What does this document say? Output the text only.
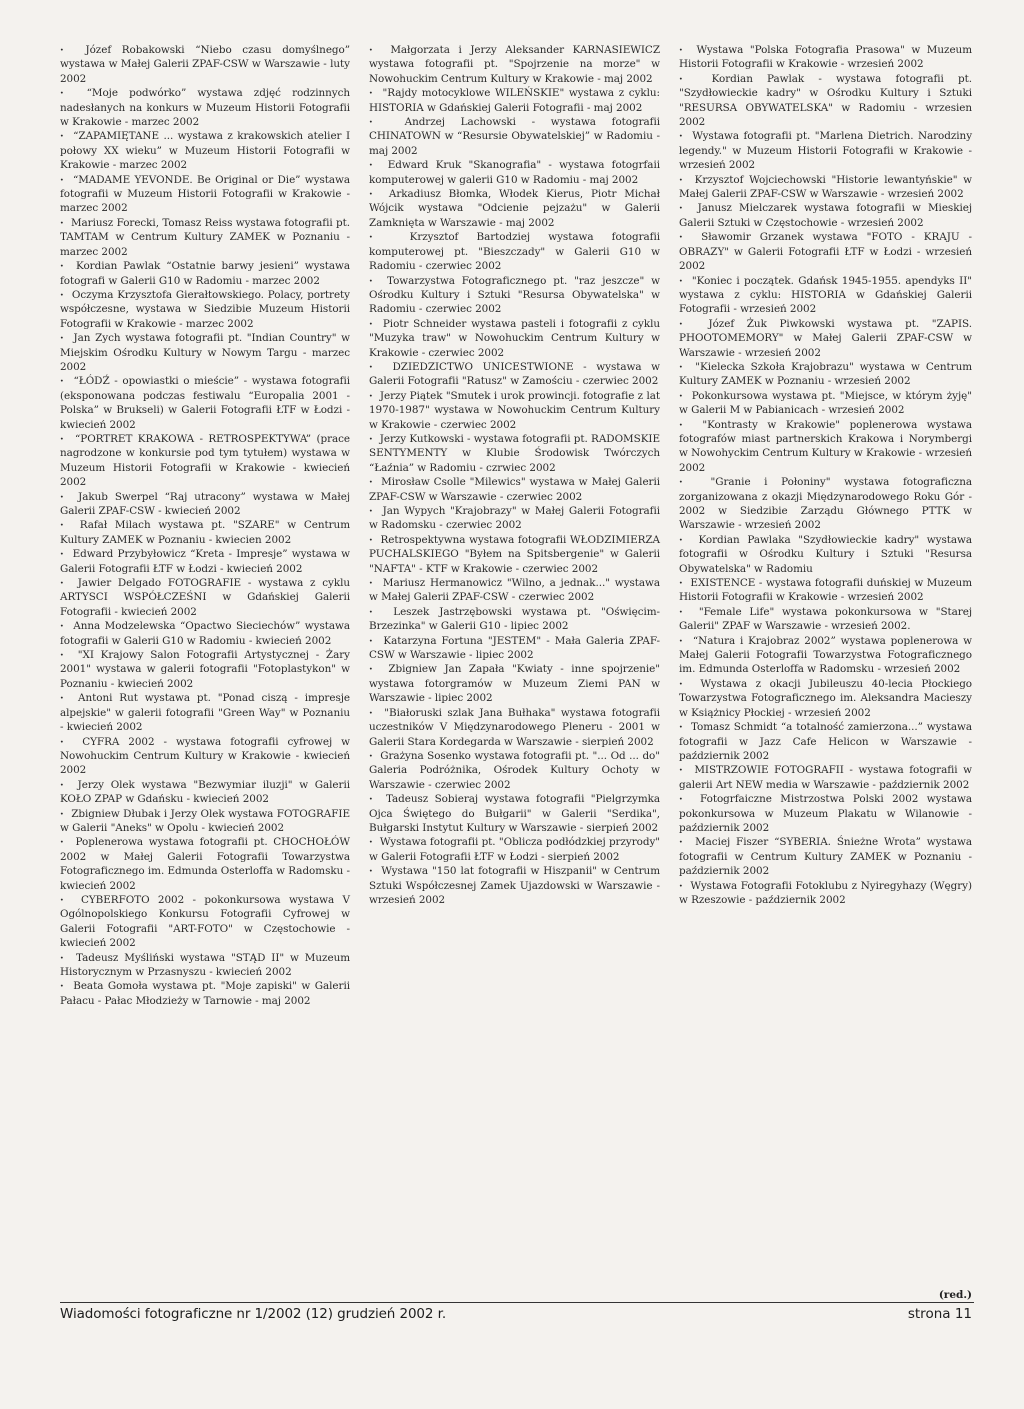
·  Józef Robakowski “Niebo czasu domyślnego” wystawa w Małej Galerii ZPAF-CSW w Warszawie - luty 2002

·  “Moje podwórko” wystawa zdjęć rodzinnych nadesłanych na konkurs w Muzeum Historii Fotografii w Krakowie - marzec 2002

·  “ZAPAMIĘTANE ... wystawa z krakowskich atelier I połowy XX wieku” w Muzeum Historii Fotografii w Krakowie - marzec 2002

·  “MADAME YEVONDE. Be Original or Die” wystawa fotografii w Muzeum Historii Fotografii w Krakowie - marzec 2002

·  Mariusz Forecki, Tomasz Reiss wystawa fotografii pt. TAMTAM w Centrum Kultury ZAMEK w Poznaniu - marzec 2002

·  Kordian Pawlak “Ostatnie barwy jesieni” wystawa fotografi w Galerii G10 w Radomiu - marzec 2002

·  Oczyma Krzysztofa Gierałtowskiego. Polacy, portrety współczesne, wystawa w Siedzibie Muzeum Historii Fotografii w Krakowie - marzec 2002

·  Jan Zych wystawa fotografii pt. "Indian Country" w Miejskim Ośrodku Kultury w Nowym Targu - marzec 2002

·  “ŁÓDŹ - opowiastki o mieście” - wystawa fotografii (eksponowana podczas festiwalu “Europalia 2001 - Polska” w Brukseli) w Galerii Fotografii ŁTF w Łodzi - kwiecień 2002

·  “PORTRET KRAKOWA - RETROSPEKTYWA” (prace nagrodzone w konkursie pod tym tytułem) wystawa w Muzeum Historii Fotografii w Krakowie - kwiecień 2002

·  Jakub Swerpel “Raj utracony” wystawa w Małej Galerii ZPAF-CSW - kwiecień 2002

·  Rafał Milach wystawa pt. "SZARE" w Centrum Kultury ZAMEK w Poznaniu - kwiecien 2002

·  Edward Przybyłowicz “Kreta - Impresje” wystawa w Galerii Fotografii ŁTF w Łodzi - kwiecień 2002

·  Jawier Delgado FOTOGRAFIE - wystawa z cyklu ARTYSCI WSPÓŁCZEŚNI w Gdańskiej Galerii Fotografii - kwiecień 2002

·  Anna Modzelewska “Opactwo Sieciechów” wystawa fotografii w Galerii G10 w Radomiu - kwiecień 2002

·  "XI Krajowy Salon Fotografii Artystycznej - Żary 2001" wystawa w galerii fotografii "Fotoplastykon" w Poznaniu - kwiecień 2002

·  Antoni Rut wystawa pt. "Ponad ciszą - impresje alpejskie" w galerii fotografii "Green Way" w Poznaniu - kwiecień 2002

·  CYFRA 2002 - wystawa fotografii cyfrowej w Nowohuckim Centrum Kultury w Krakowie - kwiecień 2002

·  Jerzy Olek wystawa "Bezwymiar iluzji" w Galerii KOŁO ZPAP w Gdańsku - kwiecień 2002

·  Zbigniew Dłubak i Jerzy Olek wystawa FOTOGRAFIE w Galerii "Aneks" w Opolu - kwiecień 2002

·  Poplenerowa wystawa fotografii pt. CHOCHOŁÓW 2002 w Małej Galerii Fotografii Towarzystwa Fotograficznego im. Edmunda Osterloffa w Radomsku - kwiecień 2002

·  CYBERFOTO 2002 - pokonkursowa wystawa V Ogólnopolskiego Konkursu Fotografii Cyfrowej w Galerii Fotografii "ART-FOTO" w Częstochowie - kwiecień 2002

·  Tadeusz Myśliński wystawa "STĄD II" w Muzeum Historycznym w Przasnyszu - kwiecień 2002

·  Beata Gomoła wystawa pt. "Moje zapiski" w Galerii Pałacu - Pałac Młodzieży w Tarnowie - maj 2002

·  Małgorzata i Jerzy Aleksander KARNASIEWICZ wystawa fotografii pt. "Spojrzenie na morze" w Nowohuckim Centrum Kultury w Krakowie - maj 2002

·  "Rajdy motocyklowe WILEŃSKIE" wystawa z cyklu: HISTORIA w Gdańskiej Galerii Fotografii - maj 2002

·  Andrzej Lachowski - wystawa fotografii CHINATOWN w “Resursie Obywatelskiej” w Radomiu - maj 2002

·  Edward Kruk "Skanografia" - wystawa fotogrfaii komputerowej w galerii G10 w Radomiu - maj 2002

·  Arkadiusz Błomka, Włodek Kierus, Piotr Michał Wójcik wystawa "Odcienie pejzażu" w Galerii Zamknięta w Warszawie - maj 2002

·  Krzysztof Bartodziej wystawa fotografii komputerowej pt. "Bieszczady" w Galerii G10 w Radomiu - czerwiec 2002

·  Towarzystwa Fotograficznego pt. "raz jeszcze" w Ośrodku Kultury i Sztuki "Resursa Obywatelska" w Radomiu - czerwiec 2002

·  Piotr Schneider wystawa pasteli i fotografii z cyklu "Muzyka traw" w Nowohuckim Centrum Kultury w Krakowie - czerwiec 2002

·  DZIEDZICTWO UNICESTWIONE - wystawa w Galerii Fotografii "Ratusz" w Zamościu - czerwiec 2002

·  Jerzy Piątek "Smutek i urok prowincji. fotografie z lat 1970-1987" wystawa w Nowohuckim Centrum Kultury w Krakowie - czerwiec 2002

·  Jerzy Kutkowski - wystawa fotografii pt. RADOMSKIE SENTYMENTY w Klubie Środowisk Twórczych “Łaźnia” w Radomiu - czrwiec 2002

·  Mirosław Csolle "Milewics" wystawa w Małej Galerii ZPAF-CSW w Warszawie - czerwiec 2002

·  Jan Wypych "Krajobrazy" w Małej Galerii Fotografii w Radomsku - czerwiec 2002

·  Retrospektywna wystawa fotografii WŁODZIMIERZA PUCHALSKIEGO "Byłem na Spitsbergenie" w Galerii "NAFTA" - KTF w Krakowie - czerwiec 2002

·  Mariusz Hermanowicz "Wilno, a jednak..." wystawa w Małej Galerii ZPAF-CSW - czerwiec 2002

·  Leszek Jastrzębowski wystawa pt. "Oświęcim-Brzezinka" w Galerii G10 - lipiec 2002

·  Katarzyna Fortuna "JESTEM" - Mała Galeria ZPAF-CSW w Warszawie - lipiec 2002

·  Zbigniew Jan Zapała "Kwiaty - inne spojrzenie" wystawa fotorgramów w Muzeum Ziemi PAN w Warszawie - lipiec 2002

·  "Białoruski szlak Jana Bułhaka" wystawa fotografii uczestników V Międzynarodowego Pleneru - 2001 w Galerii Stara Kordegarda w Warszawie - sierpień 2002

·  Grażyna Sosenko wystawa fotografii pt. "... Od ... do" Galeria Podróżnika, Ośrodek Kultury Ochoty w Warszawie - czerwiec 2002

·  Tadeusz Sobieraj wystawa fotografii "Pielgrzymka Ojca Świętego do Bułgarii" w Galerii "Serdika", Bułgarski Instytut Kultury w Warszawie - sierpień 2002

·  Wystawa fotografii pt. "Oblicza podłódzkiej przyrody" w Galerii Fotografii ŁTF w Łodzi - sierpień 2002

·  Wystawa "150 lat fotografii w Hiszpanii" w Centrum Sztuki Współczesnej Zamek Ujazdowski w Warszawie - wrzesień 2002

·  Wystawa "Polska Fotografia Prasowa" w Muzeum Historii Fotografii w Krakowie - wrzesień 2002

·  Kordian Pawlak - wystawa fotografii pt. "Szydłowieckie kadry" w Ośrodku Kultury i Sztuki "RESURSA OBYWATELSKA" w Radomiu - wrzesien 2002

·  Wystawa fotografii pt. "Marlena Dietrich. Narodziny legendy." w Muzeum Historii Fotografii w Krakowie - wrzesień 2002

·  Krzysztof Wojciechowski "Historie lewantyńskie" w Małej Galerii ZPAF-CSW w Warszawie - wrzesień 2002

·  Janusz Mielczarek wystawa fotografii w Mieskiej Galerii Sztuki w Częstochowie - wrzesień 2002

·  Sławomir Grzanek wystawa "FOTO - KRAJU - OBRAZY" w Galerii Fotografii ŁTF w Łodzi - wrzesień 2002

·  "Koniec i początek. Gdańsk 1945-1955. apendyks II" wystawa z cyklu: HISTORIA w Gdańskiej Galerii Fotografii - wrzesień 2002

·  Józef Żuk Piwkowski wystawa pt. "ZAPIS. PHOOTOMEMORY" w Małej Galerii ZPAF-CSW w Warszawie - wrzesień 2002

·  "Kielecka Szkoła Krajobrazu" wystawa w Centrum Kultury ZAMEK w Poznaniu - wrzesień 2002

·  Pokonkursowa wystawa pt. "Miejsce, w którym żyję" w Galerii M w Pabianicach - wrzesień 2002

·  "Kontrasty w Krakowie" poplenerowa wystawa fotografów miast partnerskich Krakowa i Norymbergi w Nowohyckim Centrum Kultury w Krakowie - wrzesień 2002

·  "Granie i Połoniny" wystawa fotograficzna zorganizowana z okazji Międzynarodowego Roku Gór - 2002 w Siedzibie Zarządu Głównego PTTK w Warszawie - wrzesień 2002

·  Kordian Pawlaka "Szydłowieckie kadry" wystawa fotografii w Ośrodku Kultury i Sztuki "Resursa Obywatelska" w Radomiu

·  EXISTENCE - wystawa fotografii duńskiej w Muzeum Historii Fotografii w Krakowie - wrzesień 2002

·  "Female Life" wystawa pokonkursowa w "Starej Galerii" ZPAF w Warszawie - wrzesień 2002.

·  “Natura i Krajobraz 2002” wystawa poplenerowa w Małej Galerii Fotografii Towarzystwa Fotograficznego im. Edmunda Osterloffa w Radomsku - wrzesień 2002

·  Wystawa z okacji Jubileuszu 40-lecia Płockiego Towarzystwa Fotograficznego im. Aleksandra Macieszy w Książnicy Płockiej - wrzesień 2002

·  Tomasz Schmidt “a totalność zamierzona...” wystawa fotografii w Jazz Cafe Helicon w Warszawie - październik 2002

·  MISTRZOWIE FOTOGRAFII - wystawa fotografii w galerii Art NEW media w Warszawie - październik 2002

·  Fotogrfaiczne Mistrzostwa Polski 2002 wystawa pokonkursowa w Muzeum Plakatu w Wilanowie - październik 2002

·  Maciej Fiszer “SYBERIA. Śnieżne Wrota” wystawa fotografii w Centrum Kultury ZAMEK w Poznaniu - październik 2002

·  Wystawa Fotografii Fotoklubu z Nyiregyhazy (Węgry) w Rzeszowie - październik 2002

(red.)
Wiadomości fotograficzne nr 1/2002 (12) grudzień 2002 r.	strona 11
